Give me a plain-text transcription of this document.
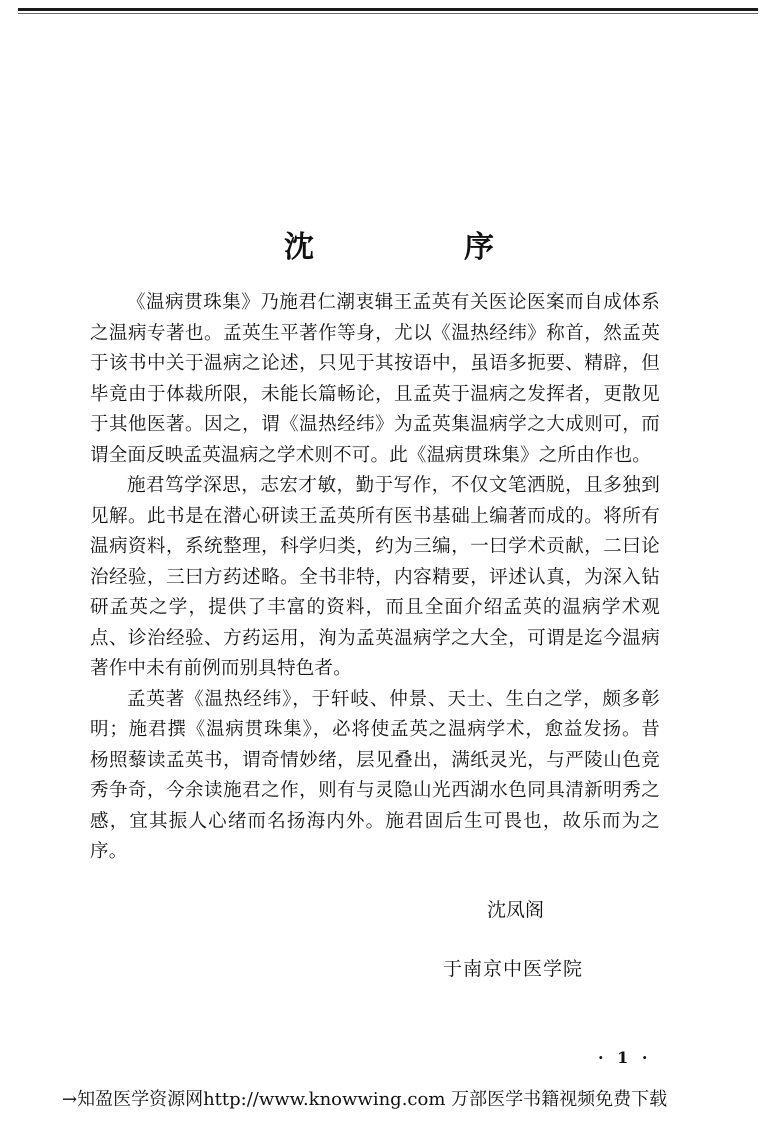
沈　序

《温病贯珠集》乃施君仁潮衷辑王孟英有关医论医案而自成体系之温病专著也。孟英生平著作等身，尤以《温热经纬》称首，然孟英于该书中关于温病之论述，只见于其按语中，虽语多扼要、精辟，但毕竟由于体裁所限，未能长篇畅论，且孟英于温病之发挥者，更散见于其他医著。因之，谓《温热经纬》为孟英集温病学之大成则可，而谓全面反映孟英温病之学术则不可。此《温病贯珠集》之所由作也。

施君笃学深思，志宏才敏，勤于写作，不仅文笔洒脱，且多独到见解。此书是在潜心研读王孟英所有医书基础上编著而成的。将所有温病资料，系统整理，科学归类，约为三编，一曰学术贡献，二曰论治经验，三曰方药述略。全书非特，内容精要，评述认真，为深入钻研孟英之学，提供了丰富的资料，而且全面介绍孟英的温病学术观点、诊治经验、方药运用，洵为孟英温病学之大全，可谓是迄今温病著作中未有前例而别具特色者。

孟英著《温热经纬》，于轩岐、仲景、天士、生白之学，颇多彰明；施君撰《温病贯珠集》，必将使孟英之温病学术，愈益发扬。昔杨照藜读孟英书，谓奇情妙绪，层见叠出，满纸灵光，与严陵山色竞秀争奇，今余读施君之作，则有与灵隐山光西湖水色同具清新明秀之感，宜其振人心绪而名扬海内外。施君固后生可畏也，故乐而为之序。

沈凤阁

于南京中医学院

· 1 ·

→知盈医学资源网http://www.knowwing.com 万部医学书籍视频免费下载
